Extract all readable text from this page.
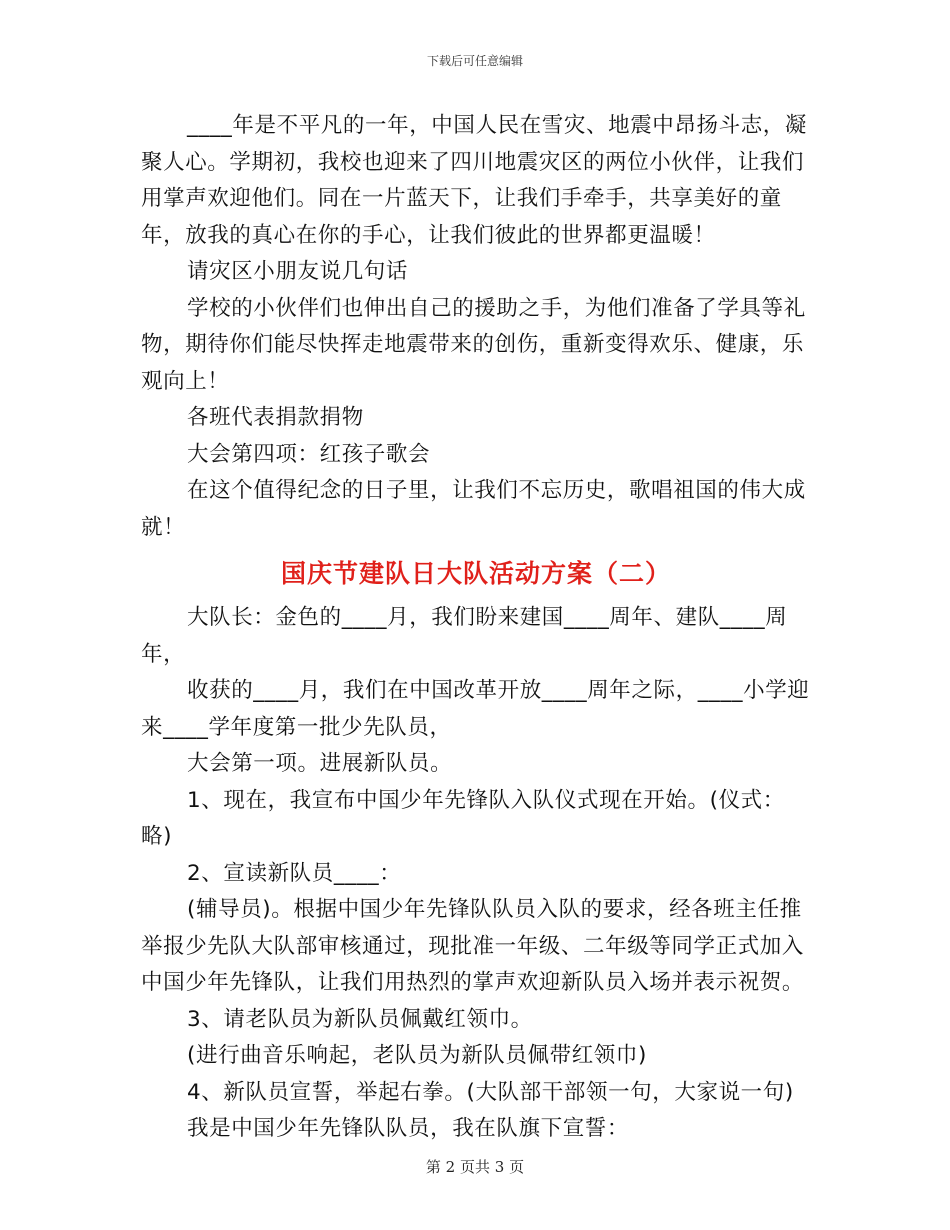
下载后可任意编辑

____年是不平凡的一年，中国人民在雪灾、地震中昂扬斗志，凝聚人心。学期初，我校也迎来了四川地震灾区的两位小伙伴，让我们用掌声欢迎他们。同在一片蓝天下，让我们手牵手，共享美好的童年，放我的真心在你的手心，让我们彼此的世界都更温暖！

请灾区小朋友说几句话

学校的小伙伴们也伸出自己的援助之手，为他们准备了学具等礼物，期待你们能尽快挥走地震带来的创伤，重新变得欢乐、健康，乐观向上！

各班代表捐款捐物

大会第四项：红孩子歌会

在这个值得纪念的日子里，让我们不忘历史，歌唱祖国的伟大成就！

国庆节建队日大队活动方案（二）

大队长：金色的____月，我们盼来建国____周年、建队____周年，

收获的____月，我们在中国改革开放____周年之际，____小学迎来____学年度第一批少先队员，

大会第一项。进展新队员。

1、现在，我宣布中国少年先锋队入队仪式现在开始。(仪式：略)

2、宣读新队员____：

(辅导员)。根据中国少年先锋队队员入队的要求，经各班主任推举报少先队大队部审核通过，现批准一年级、二年级等同学正式加入中国少年先锋队，让我们用热烈的掌声欢迎新队员入场并表示祝贺。

3、请老队员为新队员佩戴红领巾。

(进行曲音乐响起，老队员为新队员佩带红领巾)

4、新队员宣誓，举起右拳。(大队部干部领一句，大家说一句)

我是中国少年先锋队队员，我在队旗下宣誓：

第 2 页共 3 页
